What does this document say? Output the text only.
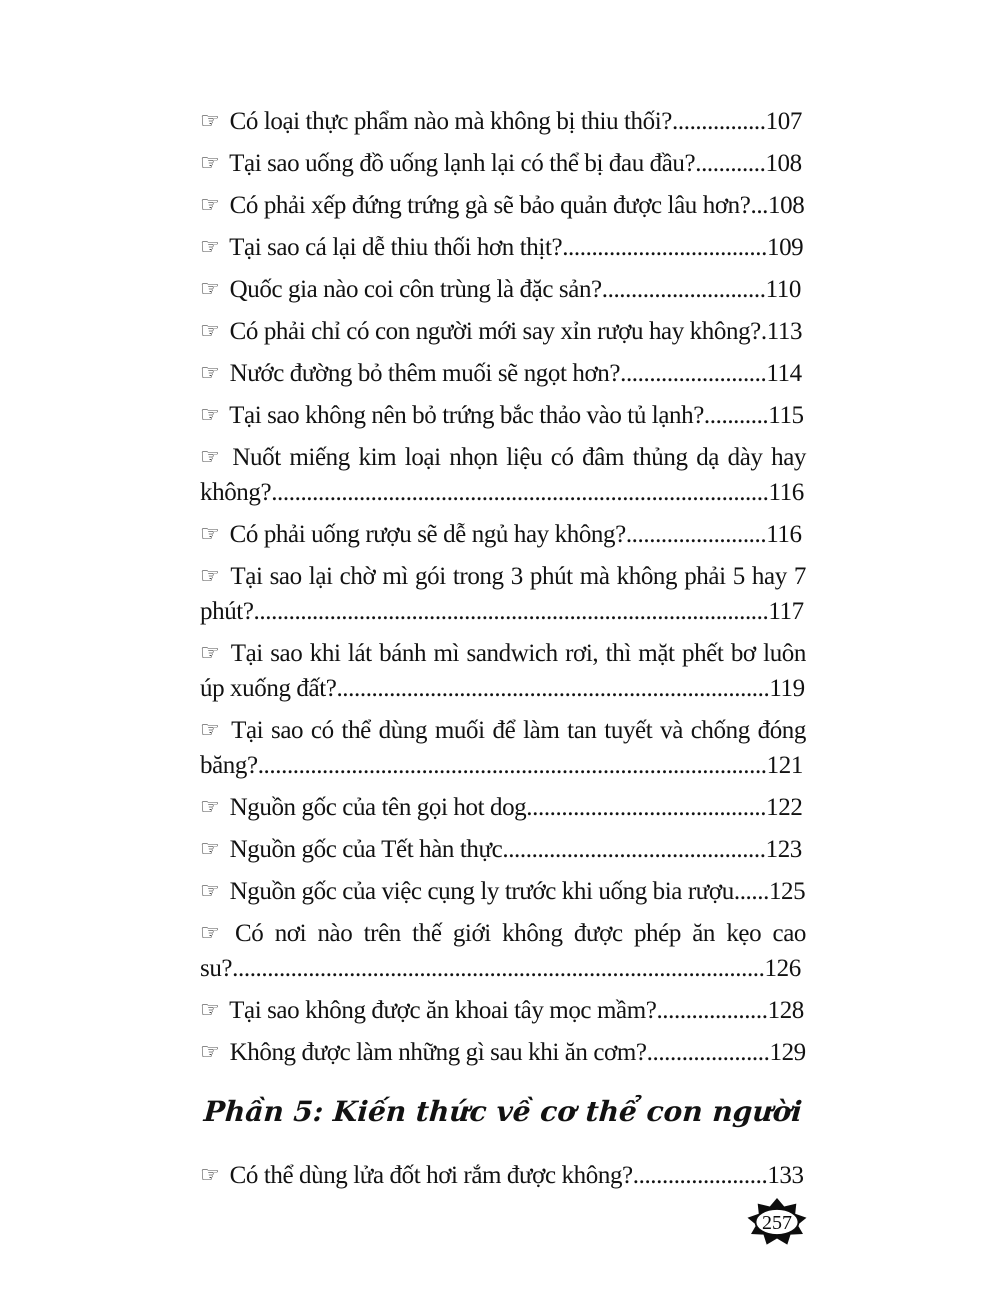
☞ Có loại thực phẩm nào mà không bị thiu thối?................107
☞ Tại sao uống đồ uống lạnh lại có thể bị đau đầu?............108
☞ Có phải xếp đứng trứng gà sẽ bảo quản được lâu hơn?...108
☞ Tại sao cá lại dễ thiu thối hơn thịt?...................................109
☞ Quốc gia nào coi côn trùng là đặc sản?............................110
☞ Có phải chỉ có con người mới say xỉn rượu hay không?.113
☞ Nước đường bỏ thêm muối sẽ ngọt hơn?.........................114
☞ Tại sao không nên bỏ trứng bắc thảo vào tủ lạnh?...........115
☞ Nuốt miếng kim loại nhọn liệu có đâm thủng dạ dày hay không?.....................................................................................116
☞ Có phải uống rượu sẽ dễ ngủ hay không?........................116
☞ Tại sao lại chờ mì gói trong 3 phút mà không phải 5 hay 7 phút?........................................................................................117
☞ Tại sao khi lát bánh mì sandwich rơi, thì mặt phết bơ luôn úp xuống đất?..........................................................................119
☞ Tại sao có thể dùng muối để làm tan tuyết và chống đóng băng?.......................................................................................121
☞ Nguồn gốc của tên gọi hot dog.........................................122
☞ Nguồn gốc của Tết hàn thực.............................................123
☞ Nguồn gốc của việc cụng ly trước khi uống bia rượu......125
☞ Có nơi nào trên thế giới không được phép ăn kẹo cao su?...........................................................................................126
☞ Tại sao không được ăn khoai tây mọc mầm?...................128
☞ Không được làm những gì sau khi ăn cơm?.....................129
Phần 5: Kiến thức về cơ thể con người
☞ Có thể dùng lửa đốt hơi rắm được không?.......................133
257
